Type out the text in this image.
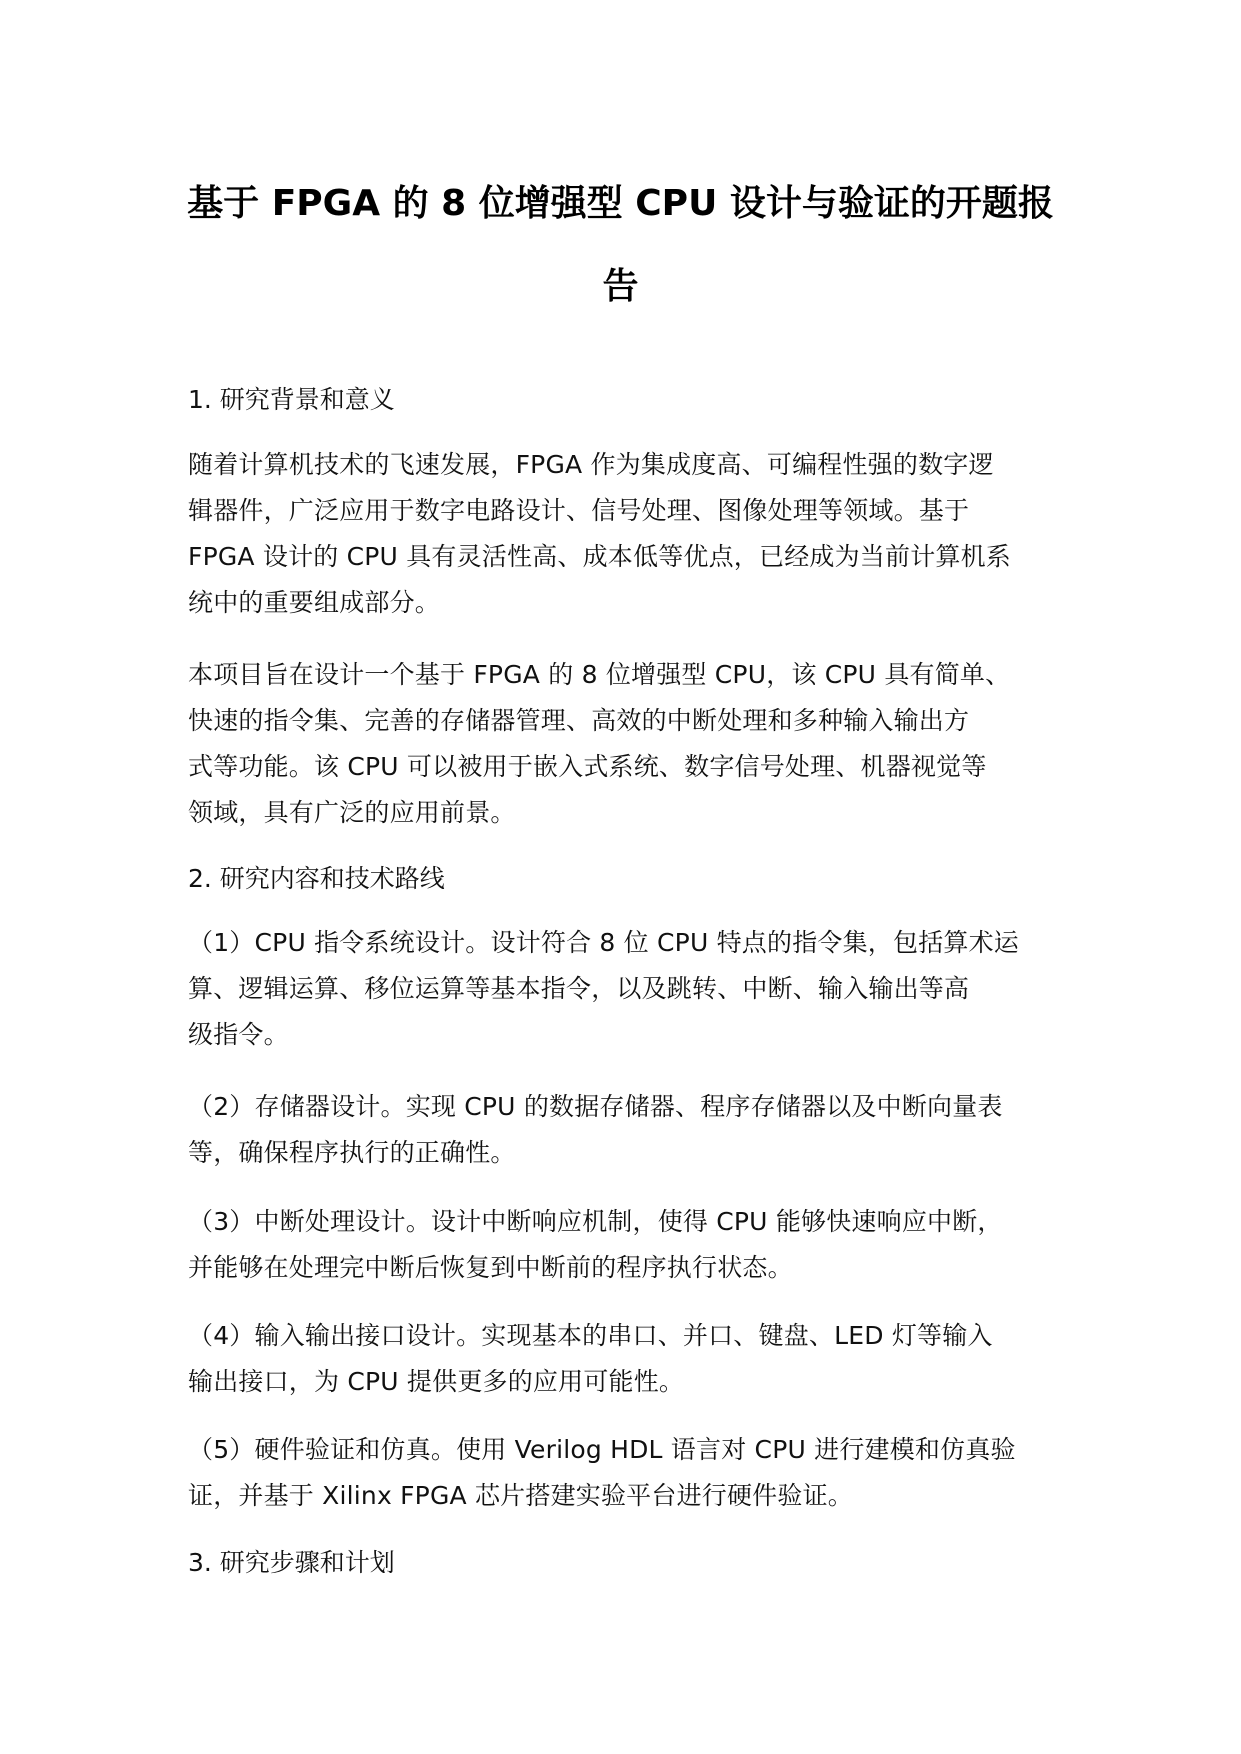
基于 FPGA 的 8 位增强型 CPU 设计与验证的开题报
告
1. 研究背景和意义
随着计算机技术的飞速发展，FPGA 作为集成度高、可编程性强的数字逻
辑器件，广泛应用于数字电路设计、信号处理、图像处理等领域。基于
FPGA 设计的 CPU 具有灵活性高、成本低等优点，已经成为当前计算机系
统中的重要组成部分。
本项目旨在设计一个基于 FPGA 的 8 位增强型 CPU，该 CPU 具有简单、
快速的指令集、完善的存储器管理、高效的中断处理和多种输入输出方
式等功能。该 CPU 可以被用于嵌入式系统、数字信号处理、机器视觉等
领域，具有广泛的应用前景。
2. 研究内容和技术路线
（1）CPU 指令系统设计。设计符合 8 位 CPU 特点的指令集，包括算术运
算、逻辑运算、移位运算等基本指令，以及跳转、中断、输入输出等高
级指令。
（2）存储器设计。实现 CPU 的数据存储器、程序存储器以及中断向量表
等，确保程序执行的正确性。
（3）中断处理设计。设计中断响应机制，使得 CPU 能够快速响应中断，
并能够在处理完中断后恢复到中断前的程序执行状态。
（4）输入输出接口设计。实现基本的串口、并口、键盘、LED 灯等输入
输出接口，为 CPU 提供更多的应用可能性。
（5）硬件验证和仿真。使用 Verilog HDL 语言对 CPU 进行建模和仿真验
证，并基于 Xilinx FPGA 芯片搭建实验平台进行硬件验证。
3. 研究步骤和计划
